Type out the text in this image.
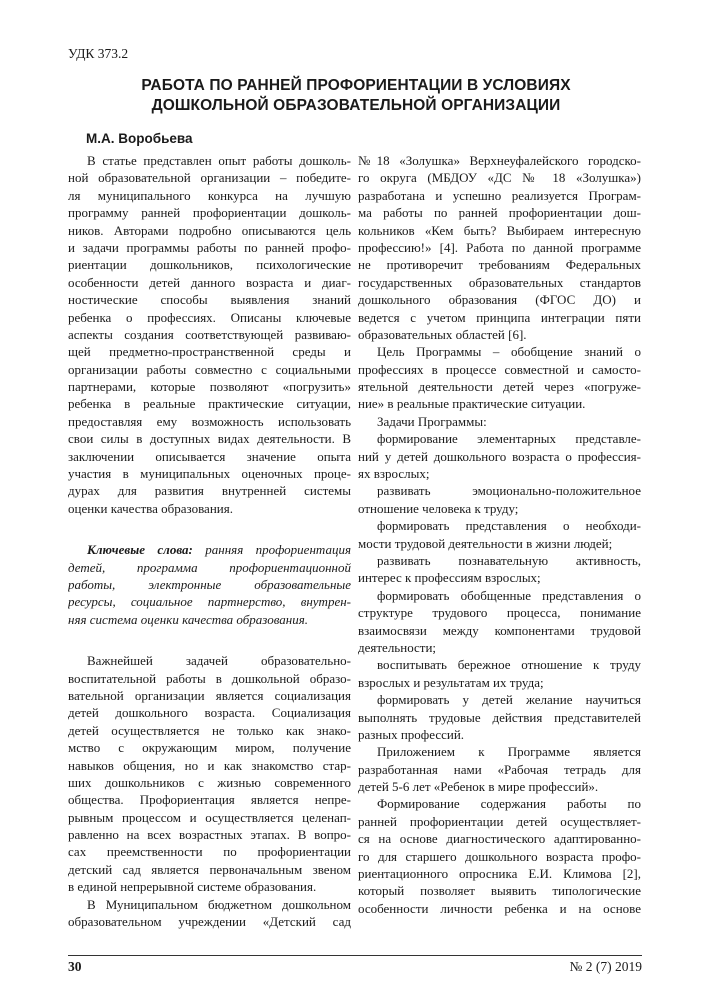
УДК 373.2
РАБОТА ПО РАННЕЙ ПРОФОРИЕНТАЦИИ В УСЛОВИЯХ
ДОШКОЛЬНОЙ ОБРАЗОВАТЕЛЬНОЙ ОРГАНИЗАЦИИ
М.А. Воробьева
В статье представлен опыт работы дошколь-
ной образовательной организации – победите-
ля муниципального конкурса на лучшую
программу ранней профориентации дошколь-
ников. Авторами подробно описываются цель
и задачи программы работы по ранней профо-
риентации дошкольников, психологические
особенности детей данного возраста и диаг-
ностические способы выявления знаний
ребенка о профессиях. Описаны ключевые
аспекты создания соответствующей развиваю-
щей предметно-пространственной среды и
организации работы совместно с социальными
партнерами, которые позволяют «погрузить»
ребенка в реальные практические ситуации,
предоставляя ему возможность использовать
свои силы в доступных видах деятельности. В
заключении описывается значение опыта
участия в муниципальных оценочных проце-
дурах для развития внутренней системы
оценки качества образования.
Ключевые слова: ранняя профориентация
детей, программа профориентационной
работы, электронные образовательные
ресурсы, социальное партнерство, внутрен-
няя система оценки качества образования.
Важнейшей задачей образовательно-
воспитательной работы в дошкольной образо-
вательной организации является социализация
детей дошкольного возраста. Социализация
детей осуществляется не только как знако-
мство с окружающим миром, получение
навыков общения, но и как знакомство стар-
ших дошкольников с жизнью современного
общества. Профориентация является непре-
рывным процессом и осуществляется целенап-
равленно на всех возрастных этапах. В вопро-
сах преемственности по профориентации
детский сад является первоначальным звеном
в единой непрерывной системе образования.
В Муниципальном бюджетном дошкольном
образовательном учреждении «Детский сад
№18 «Золушка» Верхнеуфалейского городско-
го округа (МБДОУ «ДС № 18 «Золушка»)
разработана и успешно реализуется Програм-
ма работы по ранней профориентации дош-
кольников «Кем быть? Выбираем интересную
профессию!» [4]. Работа по данной программе
не противоречит требованиям Федеральных
государственных образовательных стандартов
дошкольного образования (ФГОС ДО) и
ведется с учетом принципа интеграции пяти
образовательных областей [6].
Цель Программы – обобщение знаний о
профессиях в процессе совместной и самосто-
ятельной деятельности детей через «погруже-
ние» в реальные практические ситуации.
Задачи Программы:
формирование элементарных представле-
ний у детей дошкольного возраста о профессия-
ях взрослых;
развивать эмоционально-положительное
отношение человека к труду;
формировать представления о необходи-
мости трудовой деятельности в жизни людей;
развивать познавательную активность,
интерес к профессиям взрослых;
формировать обобщенные представления о
структуре трудового процесса, понимание
взаимосвязи между компонентами трудовой
деятельности;
воспитывать бережное отношение к труду
взрослых и результатам их труда;
формировать у детей желание научиться
выполнять трудовые действия представителей
разных профессий.
Приложением к Программе является
разработанная нами «Рабочая тетрадь для
детей 5-6 лет «Ребенок в мире профессий».
Формирование содержания работы по
ранней профориентации детей осуществляет-
ся на основе диагностического адаптированно-
го для старшего дошкольного возраста профо-
риентационного опросника Е.И. Климова [2],
который позволяет выявить типологические
особенности личности ребенка и на основе
30	№ 2 (7) 2019
